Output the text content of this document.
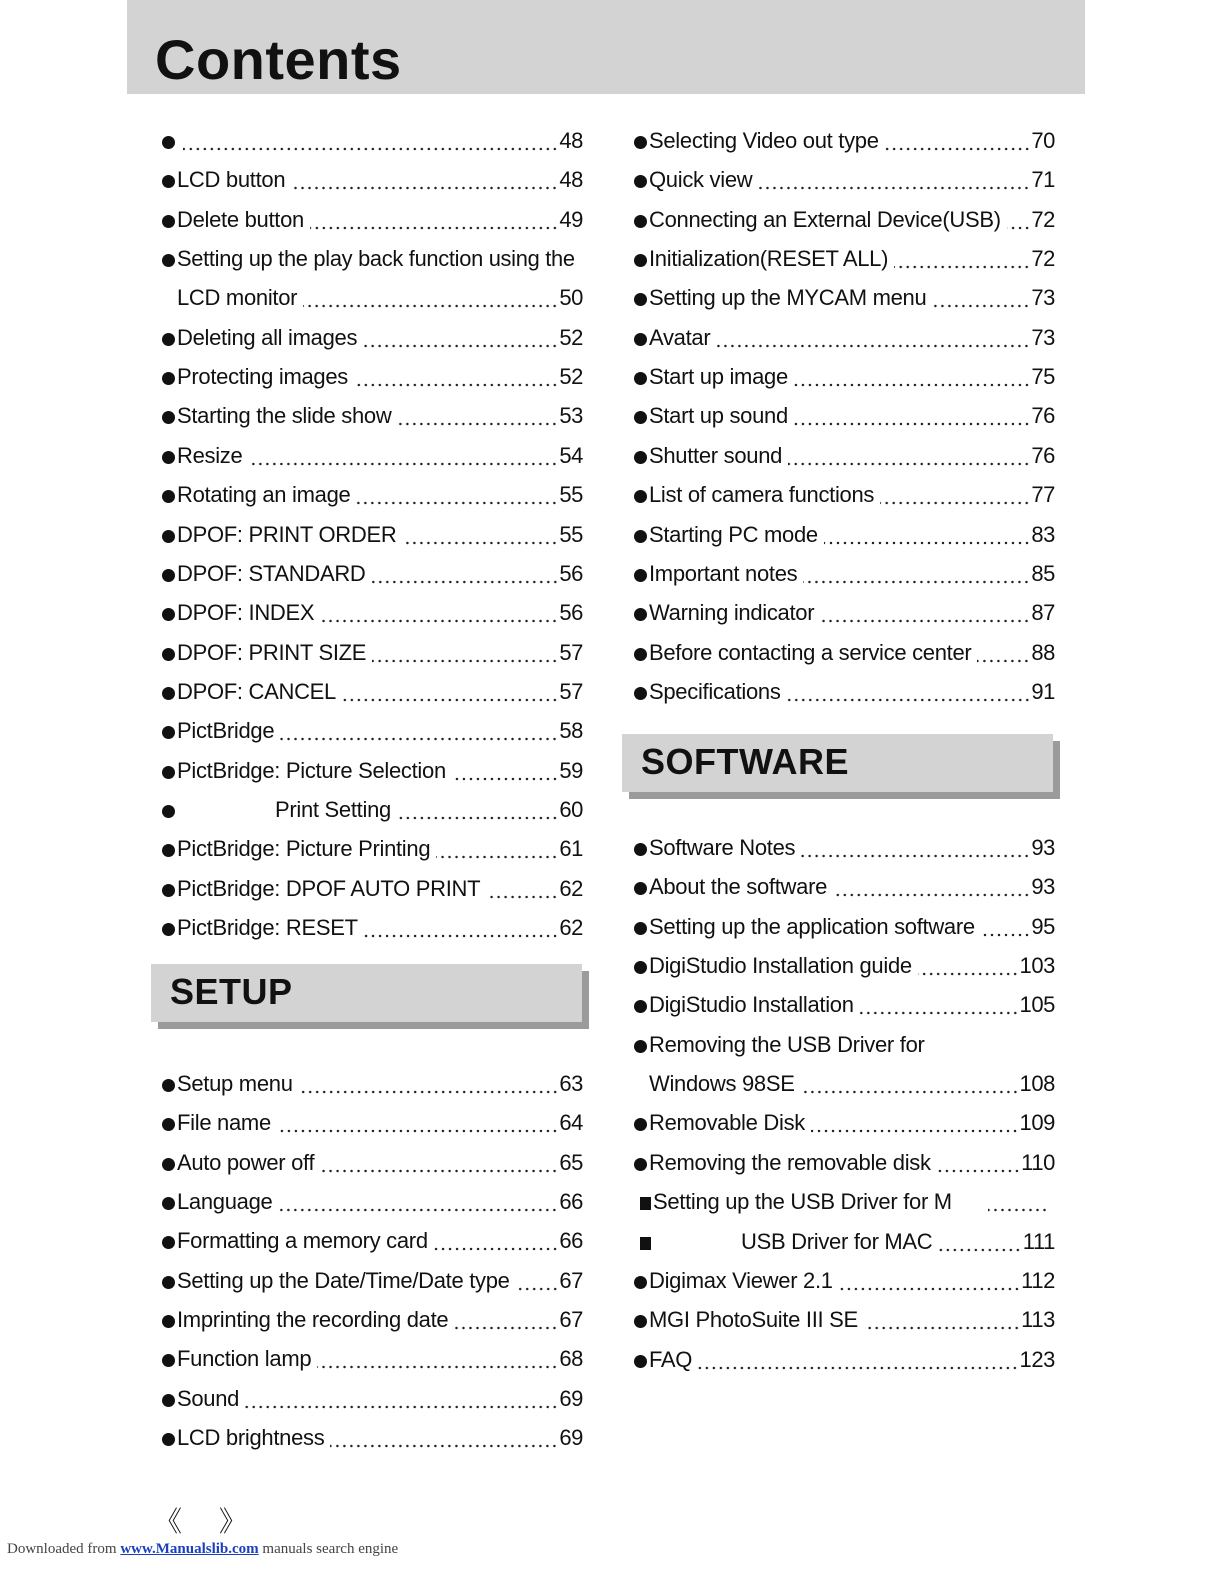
Contents
48
LCD button	48
Delete button	49
Setting up the play back function using the
LCD monitor	50
Deleting all images	52
Protecting images	52
Starting the slide show	53
Resize	54
Rotating an image	55
DPOF: PRINT ORDER	55
DPOF: STANDARD	56
DPOF: INDEX	56
DPOF: PRINT SIZE	57
DPOF: CANCEL	57
PictBridge	58
PictBridge: Picture Selection	59
Print Setting	60
PictBridge: Picture Printing	61
PictBridge: DPOF AUTO PRINT	62
PictBridge: RESET	62
SETUP
Setup menu	63
File name	64
Auto power off	65
Language	66
Formatting a memory card	66
Setting up the Date/Time/Date type 67
Imprinting the recording date	67
Function lamp	68
Sound	69
LCD brightness	69
Selecting Video out type	70
Quick view	71
Connecting an External Device(USB) 72
Initialization(RESET ALL)	72
Setting up the MYCAM menu	73
Avatar	73
Start up image	75
Start up sound	76
Shutter sound	76
List of camera functions	77
Starting PC mode	83
Important notes	85
Warning indicator	87
Before contacting a service center	88
Specifications	91
SOFTWARE
Software Notes	93
About the software	93
Setting up the application software	95
DigiStudio Installation guide	103
DigiStudio Installation	105
Removing the USB Driver for
Windows 98SE	108
Removable Disk	109
Removing the removable disk	110
Setting up the USB Driver for M
USB Driver for MAC	111
Digimax Viewer 2.1	112
MGI PhotoSuite III SE	113
FAQ	123
《 》
Downloaded from www.Manualslib.com manuals search engine
